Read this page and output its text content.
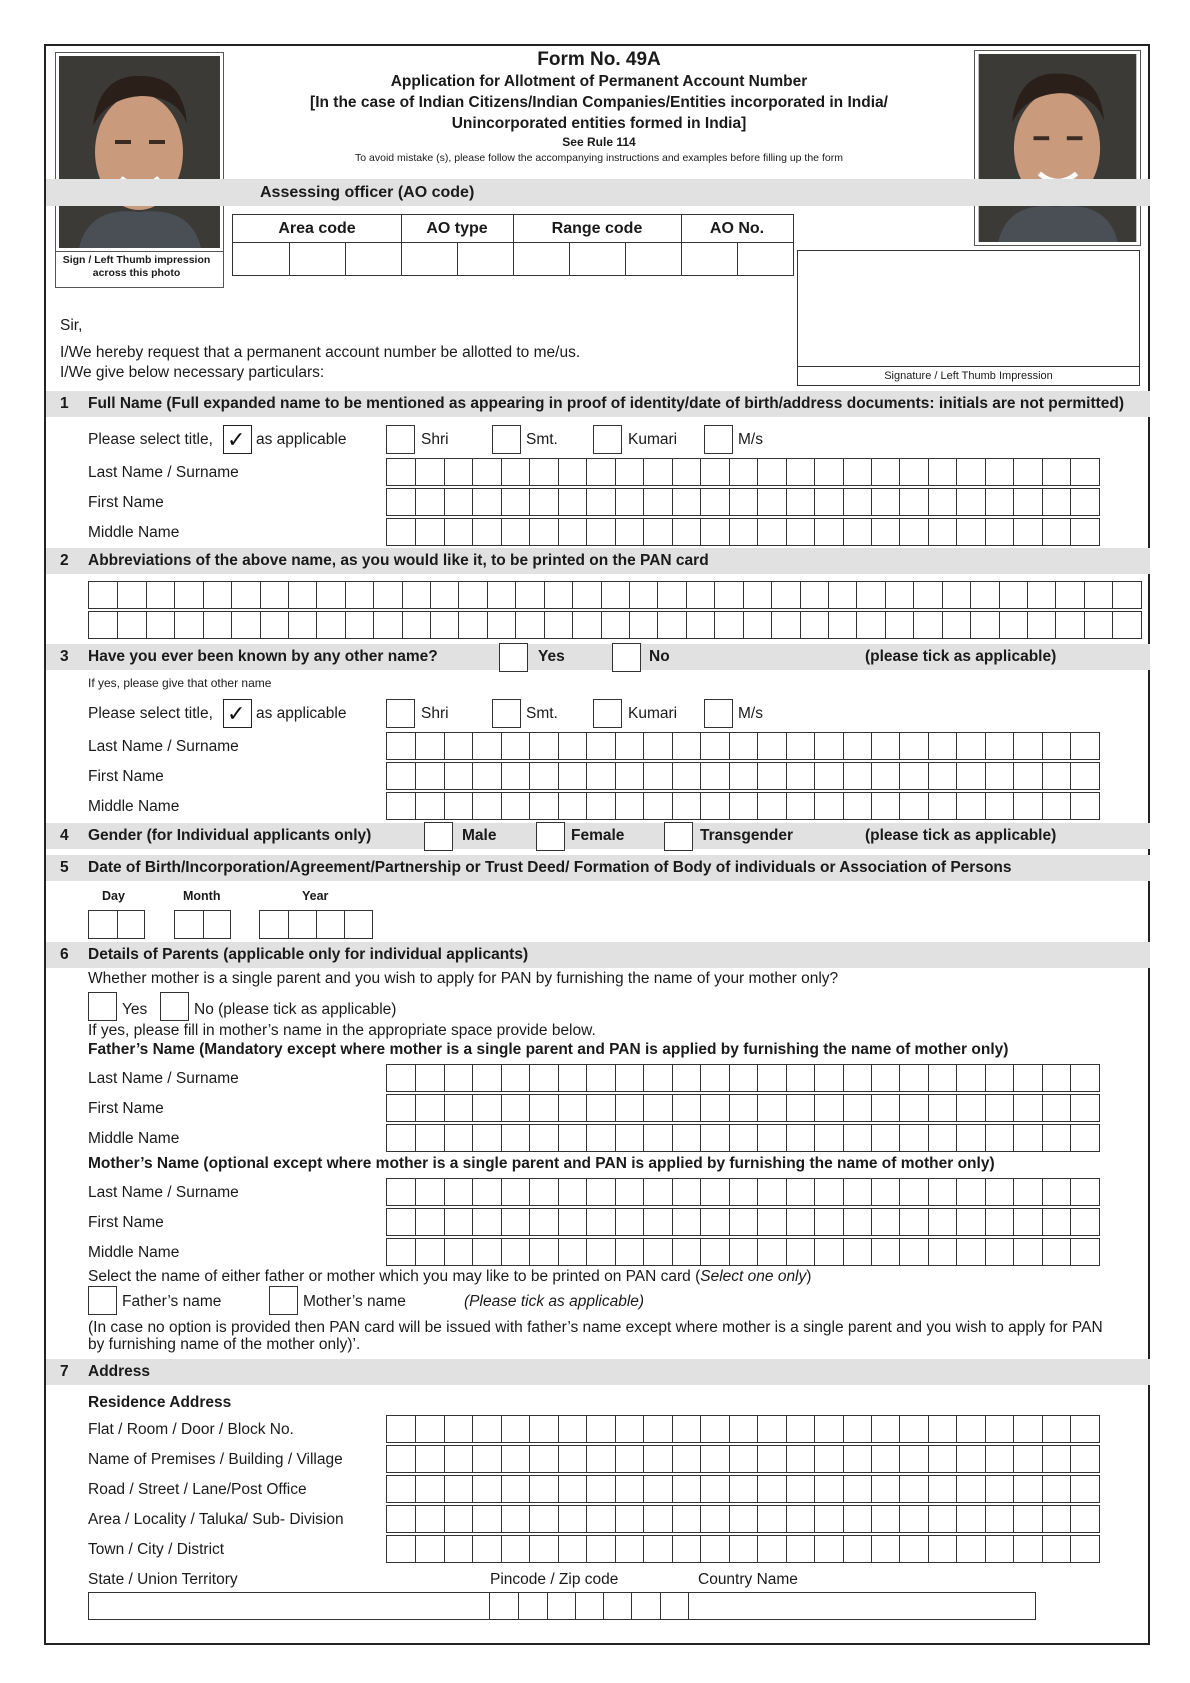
Sign / Left Thumb impression across this photo
Form No. 49A
Application for Allotment of Permanent Account Number
[In the case of Indian Citizens/Indian Companies/Entities incorporated in India/
Unincorporated entities formed in India]
See Rule 114
To avoid mistake (s), please follow the accompanying instructions and examples before filling up the form
Assessing officer (AO code)
Area code	AO type	Range code	AO No.
Signature / Left Thumb Impression
Sir,
I/We hereby request that a permanent account number be allotted to me/us.
I/We give below necessary particulars:
1 Full Name (Full expanded name to be mentioned as appearing in proof of identity/date of birth/address documents: initials are not permitted)
Please select title, ✓ as applicable	Shri	Smt.	Kumari	M/s
Last Name / Surname
First Name
Middle Name
2 Abbreviations of the above name, as you would like it, to be printed on the PAN card
3 Have you ever been known by any other name?	Yes	No	(please tick as applicable)
If yes, please give that other name
Please select title, ✓ as applicable	Shri	Smt.	Kumari	M/s
Last Name / Surname
First Name
Middle Name
4 Gender (for Individual applicants only)	Male	Female	Transgender	(please tick as applicable)
5 Date of Birth/Incorporation/Agreement/Partnership or Trust Deed/ Formation of Body of individuals or Association of Persons
Day	Month	Year
6 Details of Parents (applicable only for individual applicants)
Whether mother is a single parent and you wish to apply for PAN by furnishing the name of your mother only?
Yes	No (please tick as applicable)
If yes, please fill in mother’s name in the appropriate space provide below.
Father’s Name (Mandatory except where mother is a single parent and PAN is applied by furnishing the name of mother only)
Last Name / Surname
First Name
Middle Name
Mother’s Name (optional except where mother is a single parent and PAN is applied by furnishing the name of mother only)
Last Name / Surname
First Name
Middle Name
Select the name of either father or mother which you may like to be printed on PAN card (Select one only)
Father’s name	Mother’s name	(Please tick as applicable)
(In case no option is provided then PAN card will be issued with father’s name except where mother is a single parent and you wish to apply for PAN
by furnishing name of the mother only)’.
7 Address
Residence Address
Flat / Room / Door / Block No.
Name of Premises / Building / Village
Road / Street / Lane/Post Office
Area / Locality / Taluka/ Sub- Division
Town / City / District
State / Union Territory	Pincode / Zip code	Country Name
